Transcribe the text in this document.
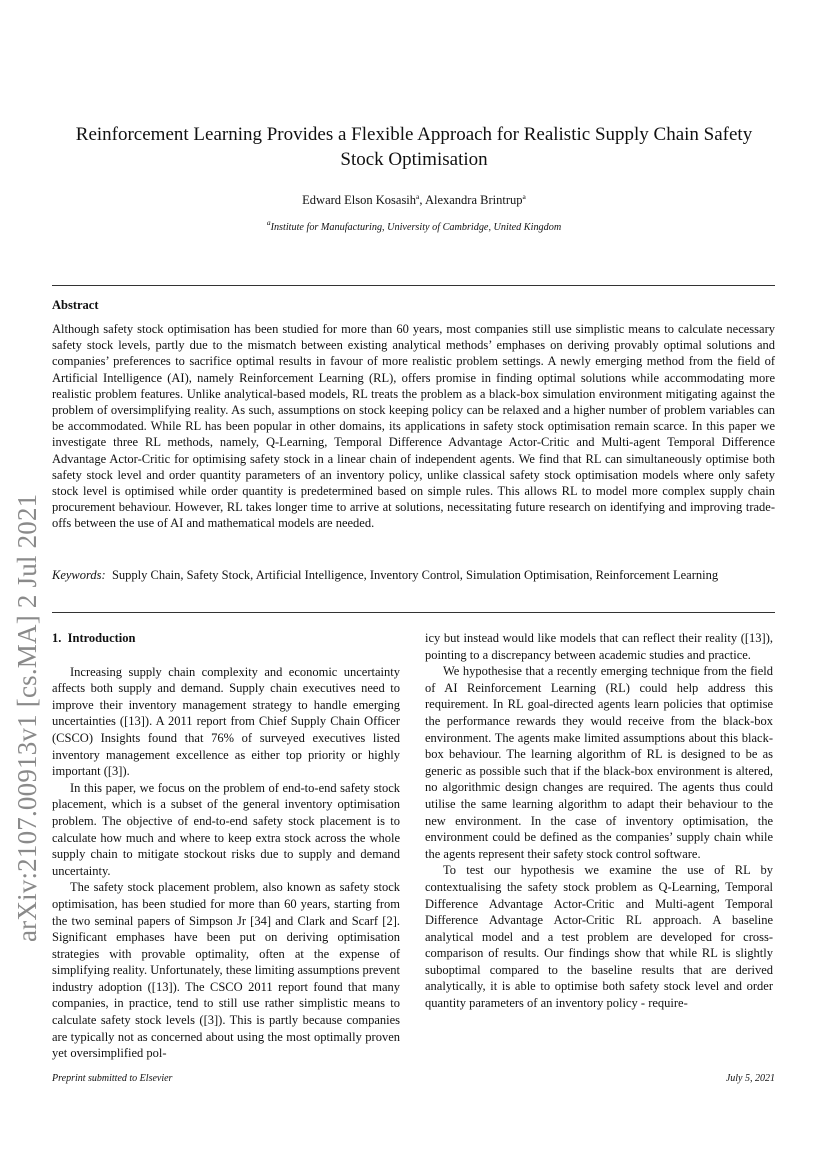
arXiv:2107.00913v1 [cs.MA] 2 Jul 2021
Reinforcement Learning Provides a Flexible Approach for Realistic Supply Chain Safety Stock Optimisation
Edward Elson Kosasih$^a$, Alexandra Brintrup$^a$
$^a$Institute for Manufacturing, University of Cambridge, United Kingdom
Abstract

Although safety stock optimisation has been studied for more than 60 years, most companies still use simplistic means to calculate necessary safety stock levels, partly due to the mismatch between existing analytical methods’ emphases on deriving provably optimal solutions and companies’ preferences to sacrifice optimal results in favour of more realistic problem settings. A newly emerging method from the field of Artificial Intelligence (AI), namely Reinforcement Learning (RL), offers promise in finding optimal solutions while accommodating more realistic problem features. Unlike analytical-based models, RL treats the problem as a black-box simulation environment mitigating against the problem of oversimplifying reality. As such, assumptions on stock keeping policy can be relaxed and a higher number of problem variables can be accommodated. While RL has been popular in other domains, its applications in safety stock optimisation remain scarce. In this paper we investigate three RL methods, namely, Q-Learning, Temporal Difference Advantage Actor-Critic and Multi-agent Temporal Difference Advantage Actor-Critic for optimising safety stock in a linear chain of independent agents. We find that RL can simultaneously optimise both safety stock level and order quantity parameters of an inventory policy, unlike classical safety stock optimisation models where only safety stock level is optimised while order quantity is predetermined based on simple rules. This allows RL to model more complex supply chain procurement behaviour. However, RL takes longer time to arrive at solutions, necessitating future research on identifying and improving trade-offs between the use of AI and mathematical models are needed.

Keywords: Supply Chain, Safety Stock, Artificial Intelligence, Inventory Control, Simulation Optimisation, Reinforcement Learning

1. Introduction

Increasing supply chain complexity and economic uncertainty affects both supply and demand. Supply chain executives need to improve their inventory management strategy to handle emerging uncertainties ([13]). A 2011 report from Chief Supply Chain Officer (CSCO) Insights found that 76% of surveyed executives listed inventory management excellence as either top priority or highly important ([3]).

In this paper, we focus on the problem of end-to-end safety stock placement, which is a subset of the general inventory optimisation problem. The objective of end-to-end safety stock placement is to calculate how much and where to keep extra stock across the whole supply chain to mitigate stockout risks due to supply and demand uncertainty.

The safety stock placement problem, also known as safety stock optimisation, has been studied for more than 60 years, starting from the two seminal papers of Simpson Jr [34] and Clark and Scarf [2]. Significant emphases have been put on deriving optimisation strategies with provable optimality, often at the expense of simplifying reality. Unfortunately, these limiting assumptions prevent industry adoption ([13]). The CSCO 2011 report found that many companies, in practice, tend to still use rather simplistic means to calculate safety stock levels ([3]). This is partly because companies are typically not as concerned about using the most optimally proven yet oversimplified pol-

icy but instead would like models that can reflect their reality ([13]), pointing to a discrepancy between academic studies and practice.

We hypothesise that a recently emerging technique from the field of AI Reinforcement Learning (RL) could help address this requirement. In RL goal-directed agents learn policies that optimise the performance rewards they would receive from the black-box environment. The agents make limited assumptions about this black-box behaviour. The learning algorithm of RL is designed to be as generic as possible such that if the black-box environment is altered, no algorithmic design changes are required. The agents thus could utilise the same learning algorithm to adapt their behaviour to the new environment. In the case of inventory optimisation, the environment could be defined as the companies’ supply chain while the agents represent their safety stock control software.

To test our hypothesis we examine the use of RL by contextualising the safety stock problem as Q-Learning, Temporal Difference Advantage Actor-Critic and Multi-agent Temporal Difference Advantage Actor-Critic RL approach. A baseline analytical model and a test problem are developed for cross-comparison of results. Our findings show that while RL is slightly suboptimal compared to the baseline results that are derived analytically, it is able to optimise both safety stock level and order quantity parameters of an inventory policy - require-

Preprint submitted to Elsevier	July 5, 2021
